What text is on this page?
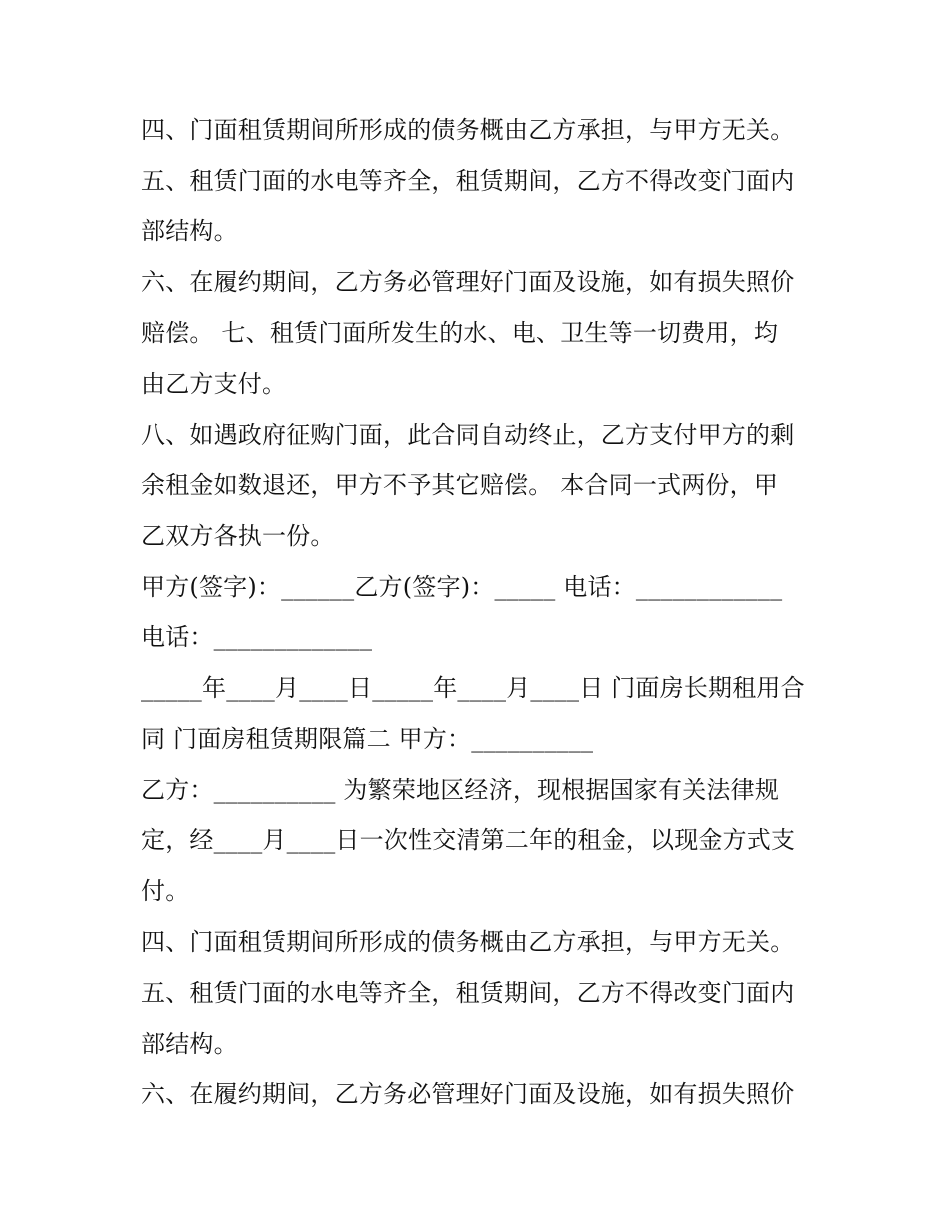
四、门面租赁期间所形成的债务概由乙方承担，与甲方无关。

五、租赁门面的水电等齐全，租赁期间，乙方不得改变门面内

部结构。

六、在履约期间，乙方务必管理好门面及设施，如有损失照价

赔偿。 七、租赁门面所发生的水、电、卫生等一切费用，均

由乙方支付。

八、如遇政府征购门面，此合同自动终止，乙方支付甲方的剩

余租金如数退还，甲方不予其它赔偿。 本合同一式两份，甲

乙双方各执一份。

甲方(签字)：______乙方(签字)：_____ 电话：____________

电话：_____________

_____年____月____日_____年____月____日 门面房长期租用合

同 门面房租赁期限篇二 甲方：__________

乙方：__________ 为繁荣地区经济，现根据国家有关法律规

定，经____月____日一次性交清第二年的租金，以现金方式支

付。

四、门面租赁期间所形成的债务概由乙方承担，与甲方无关。

五、租赁门面的水电等齐全，租赁期间，乙方不得改变门面内

部结构。

六、在履约期间，乙方务必管理好门面及设施，如有损失照价
